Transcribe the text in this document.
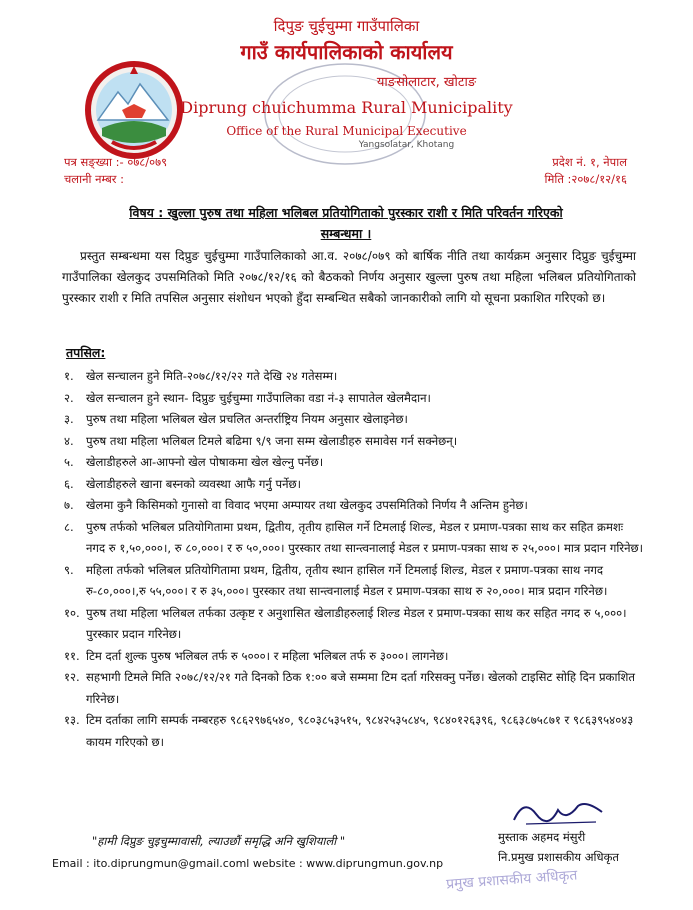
दिपुङ चुईचुम्मा गाउँपालिका
गाउँ कार्यपालिकाको कार्यालय
याङसोलाटार, खोटाङ
Diprung chuichumma Rural Municipality
Office of the Rural Municipal Executive
Yangsolatar, Khotang
पत्र सङ्ख्या :- ०७८/०७९
चलानी नम्बर :
प्रदेश नं. १, नेपाल
मिति :२०७८/१२/१६
विषय : खुल्ला पुरुष तथा महिला भलिबल प्रतियोगिताको पुरस्कार राशी र मिति परिवर्तन गरिएको
सम्बन्धमा ।
प्रस्तुत सम्बन्धमा यस दिप्रुङ चुईचुम्मा गाउँपालिकाको आ.व. २०७८/०७९ को बार्षिक नीति तथा कार्यक्रम अनुसार दिप्रुङ चुईचुम्मा गाउँपालिका खेलकुद उपसमितिको मिति २०७८/१२/१६ को बैठकको निर्णय अनुसार खुल्ला पुरुष तथा महिला भलिबल प्रतियोगिताको पुरस्कार राशी र मिति तपसिल अनुसार संशोधन भएको हुँदा सम्बन्धित सबैको जानकारीको लागि यो सूचना प्रकाशित गरिएको छ।
तपसिल:
१.	खेल सन्चालन हुने मिति-२०७८/१२/२२ गते देखि २४ गतेसम्म।
२.	खेल सन्चालन हुने स्थान- दिप्रुङ चुईचुम्मा गाउँपालिका वडा नं-३ सापातेल खेलमैदान।
३.	पुरुष तथा महिला भलिबल खेल प्रचलित अन्तर्राष्ट्रिय नियम अनुसार खेलाइनेछ।
४.	पुरुष तथा महिला भलिबल टिमले बढिमा ९/९ जना सम्म खेलाडीहरु समावेस गर्न सक्नेछन्।
५.	खेलाडीहरुले आ-आफ्नो खेल पोषाकमा खेल खेल्नु पर्नेछ।
६.	खेलाडीहरुले खाना बस्नको व्यवस्था आफै गर्नु पर्नेछ।
७.	खेलमा कुनै किसिमको गुनासो वा विवाद भएमा अम्पायर तथा खेलकुद उपसमितिको निर्णय नै अन्तिम हुनेछ।
८.	पुरुष तर्फको भलिबल प्रतियोगितामा प्रथम, द्वितीय, तृतीय हासिल गर्ने टिमलाई शिल्ड, मेडल र प्रमाण-पत्रका साथ कर सहित क्रमशः नगद रु १,५०,०००।, रु ८०,०००। र रु ५०,०००। पुरस्कार तथा सान्त्वनालाई मेडल र प्रमाण-पत्रका साथ रु २५,०००। मात्र प्रदान गरिनेछ।
९.	महिला तर्फको भलिबल प्रतियोगितामा प्रथम, द्वितीय, तृतीय स्थान हासिल गर्ने टिमलाई शिल्ड, मेडल र प्रमाण-पत्रका साथ नगद रु-८०,०००।,रु ५५,०००। र रु ३५,०००। पुरस्कार तथा सान्त्वनालाई मेडल र प्रमाण-पत्रका साथ रु २०,०००। मात्र प्रदान गरिनेछ।
१०. पुरुष तथा महिला भलिबल तर्फका उत्कृष्ट र अनुशासित खेलाडीहरुलाई शिल्ड मेडल र प्रमाण-पत्रका साथ कर सहित नगद रु ५,०००। पुरस्कार प्रदान गरिनेछ।
११. टिम दर्ता शुल्क पुरुष भलिबल तर्फ रु ५०००। र महिला भलिबल तर्फ रु ३०००। लागनेछ।
१२. सहभागी टिमले मिति २०७८/१२/२१ गते दिनको ठिक १:०० बजे सम्ममा टिम दर्ता गरिसक्नु पर्नेछ। खेलको टाइसिट सोहि दिन प्रकाशित गरिनेछ।
१३. टिम दर्ताका लागि सम्पर्क नम्बरहरु ९८६२९७६५४०, ९८०३८५३५१५, ९८४२५३५८४५, ९८४०१२६३९६, ९८६३८७५८७१ र ९८६३९५४०४३ कायम गरिएको छ।
मुस्ताक अहमद मंसुरी
नि.प्रमुख प्रशासकीय अधिकृत
"हामी दिप्रुङ चुइचुम्मावासी, ल्याउछौं समृद्धि अनि खुशियाली "
Email : ito.diprungmun@gmail.coml website : www.diprungmun.gov.np
प्रमुख प्रशासकीय अधिकृत
